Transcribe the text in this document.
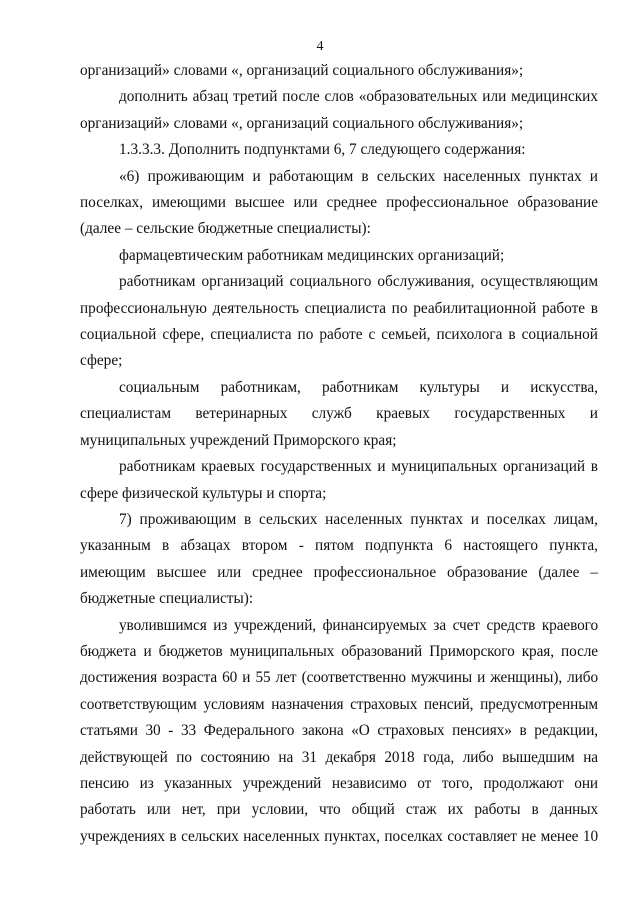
4

организаций» словами «, организаций социального обслуживания»;

дополнить абзац третий после слов «образовательных или медицинских организаций» словами «, организаций социального обслуживания»;

1.3.3.3. Дополнить подпунктами 6, 7 следующего содержания:

«6) проживающим и работающим в сельских населенных пунктах и поселках, имеющими высшее или среднее профессиональное образование (далее – сельские бюджетные специалисты):

фармацевтическим работникам медицинских организаций;

работникам организаций социального обслуживания, осуществляющим профессиональную деятельность специалиста по реабилитационной работе в социальной сфере, специалиста по работе с семьей, психолога в социальной сфере;

социальным работникам, работникам культуры и искусства, специалистам ветеринарных служб краевых государственных и муниципальных учреждений Приморского края;

работникам краевых государственных и муниципальных организаций в сфере физической культуры и спорта;

7) проживающим в сельских населенных пунктах и поселках лицам, указанным в абзацах втором - пятом подпункта 6 настоящего пункта, имеющим высшее или среднее профессиональное образование (далее – бюджетные специалисты):

уволившимся из учреждений, финансируемых за счет средств краевого бюджета и бюджетов муниципальных образований Приморского края, после достижения возраста 60 и 55 лет (соответственно мужчины и женщины), либо соответствующим условиям назначения страховых пенсий, предусмотренным статьями 30 - 33 Федерального закона «О страховых пенсиях» в редакции, действующей по состоянию на 31 декабря 2018 года, либо вышедшим на пенсию из указанных учреждений независимо от того, продолжают они работать или нет, при условии, что общий стаж их работы в данных учреждениях в сельских населенных пунктах, поселках составляет не менее 10
